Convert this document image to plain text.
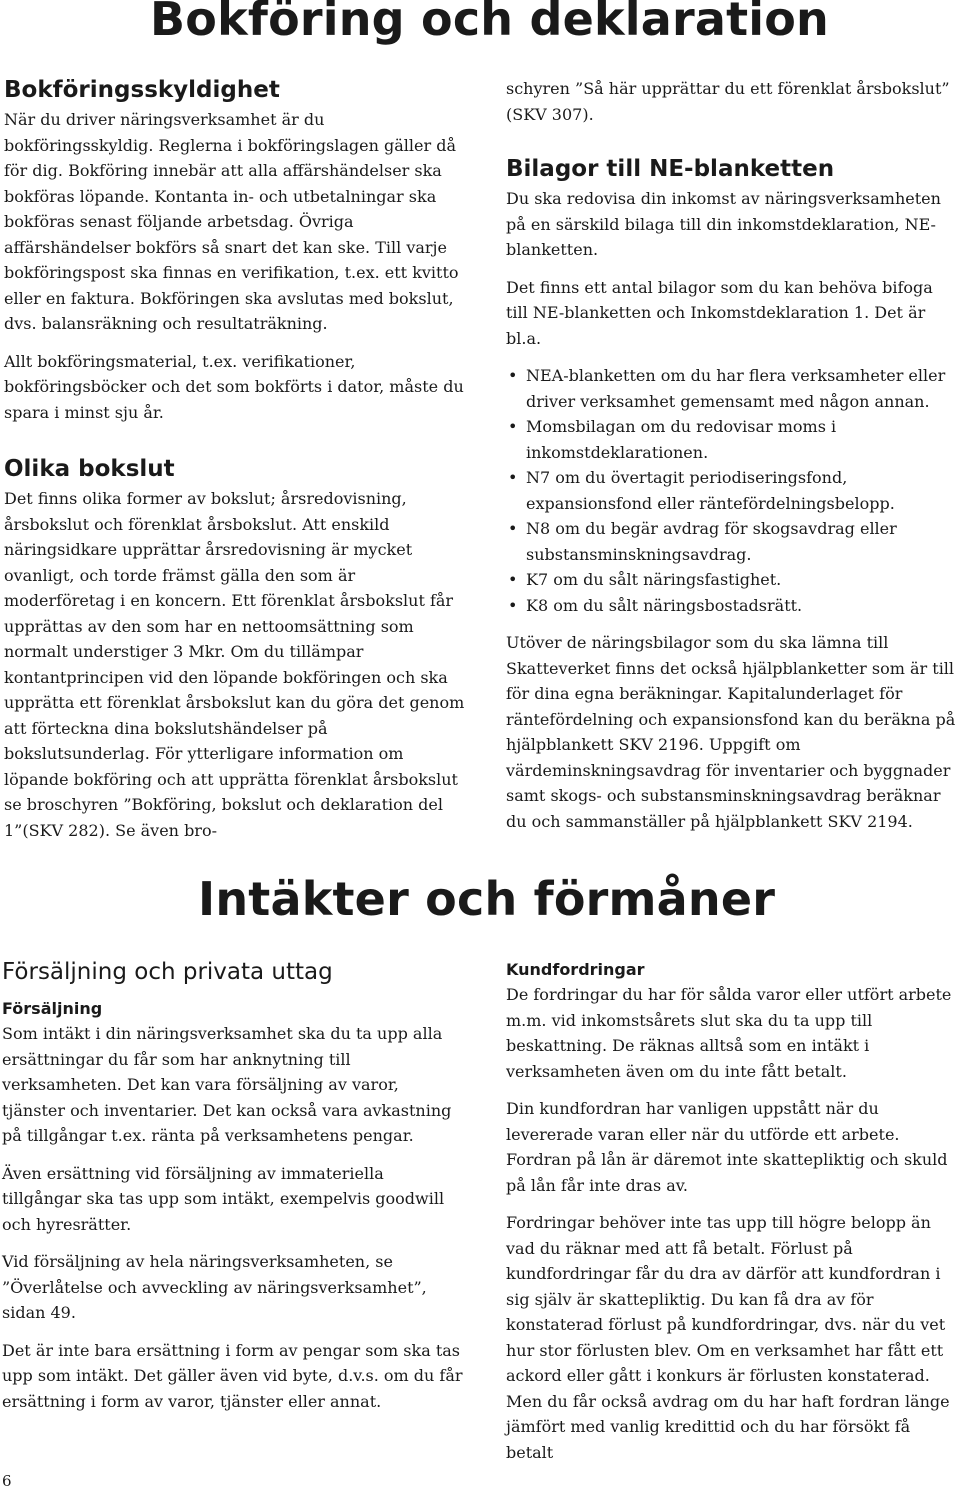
Bokföring och deklaration
Bokföringsskyldighet

När du driver näringsverksamhet är du bokföringsskyldig. Reglerna i bokföringslagen gäller då för dig. Bokföring innebär att alla affärshändelser ska bokföras löpande. Kontanta in- och utbetalningar ska bokföras senast följande arbetsdag. Övriga affärshändelser bokförs så snart det kan ske. Till varje bokföringspost ska finnas en verifikation, t.ex. ett kvitto eller en faktura. Bokföringen ska avslutas med bokslut, dvs. balansräkning och resultaträkning.

Allt bokföringsmaterial, t.ex. verifikationer, bokföringsböcker och det som bokförts i dator, måste du spara i minst sju år.

Olika bokslut

Det finns olika former av bokslut; årsredovisning, årsbokslut och förenklat årsbokslut. Att enskild näringsidkare upprättar årsredovisning är mycket ovanligt, och torde främst gälla den som är moderföretag i en koncern. Ett förenklat årsbokslut får upprättas av den som har en nettoomsättning som normalt understiger 3 Mkr. Om du tillämpar kontantprincipen vid den löpande bokföringen och ska upprätta ett förenklat årsbokslut kan du göra det genom att förteckna dina bokslutshändelser på bokslutsunderlag. För ytterligare information om löpande bokföring och att upprätta förenklat årsbokslut se broschyren ”Bokföring, bokslut och deklaration del 1”(SKV 282). Se även bro-

schyren ”Så här upprättar du ett förenklat årsbokslut” (SKV 307).

Bilagor till NE-blanketten

Du ska redovisa din inkomst av näringsverksamheten på en särskild bilaga till din inkomstdeklaration, NE-blanketten.

Det finns ett antal bilagor som du kan behöva bifoga till NE-blanketten och Inkomstdeklaration 1. Det är bl.a.

• NEA-blanketten om du har flera verksamheter eller driver verksamhet gemensamt med någon annan.
• Momsbilagan om du redovisar moms i inkomstdeklarationen.
• N7 om du övertagit periodiseringsfond, expansionsfond eller räntefördelningsbelopp.
• N8 om du begär avdrag för skogsavdrag eller substansminskningsavdrag.
• K7 om du sålt näringsfastighet.
• K8 om du sålt näringsbostadsrätt.

Utöver de näringsbilagor som du ska lämna till Skatteverket finns det också hjälpblanketter som är till för dina egna beräkningar. Kapitalunderlaget för räntefördelning och expansionsfond kan du beräkna på hjälpblankett SKV 2196. Uppgift om värdeminskningsavdrag för inventarier och byggnader samt skogs- och substansminskningsavdrag beräknar du och sammanställer på hjälpblankett SKV 2194.

Intäkter och förmåner
Försäljning och privata uttag
Försäljning

Som intäkt i din näringsverksamhet ska du ta upp alla ersättningar du får som har anknytning till verksamheten. Det kan vara försäljning av varor, tjänster och inventarier. Det kan också vara avkastning på tillgångar t.ex. ränta på verksamhetens pengar.

Även ersättning vid försäljning av immateriella tillgångar ska tas upp som intäkt, exempelvis goodwill och hyresrätter.

Vid försäljning av hela näringsverksamheten, se ”Överlåtelse och avveckling av näringsverksamhet”, sidan 49.

Det är inte bara ersättning i form av pengar som ska tas upp som intäkt. Det gäller även vid byte, d.v.s. om du får ersättning i form av varor, tjänster eller annat.

Kundfordringar

De fordringar du har för sålda varor eller utfört arbete m.m. vid inkomstsårets slut ska du ta upp till beskattning. De räknas alltså som en intäkt i verksamheten även om du inte fått betalt.

Din kundfordran har vanligen uppstått när du levererade varan eller när du utförde ett arbete. Fordran på lån är däremot inte skattepliktig och skuld på lån får inte dras av.

Fordringar behöver inte tas upp till högre belopp än vad du räknar med att få betalt. Förlust på kundfordringar får du dra av därför att kundfordran i sig själv är skattepliktig. Du kan få dra av för konstaterad förlust på kundfordringar, dvs. när du vet hur stor förlusten blev. Om en verksamhet har fått ett ackord eller gått i konkurs är förlusten konstaterad. Men du får också avdrag om du har haft fordran länge jämfört med vanlig kredittid och du har försökt få betalt

6
